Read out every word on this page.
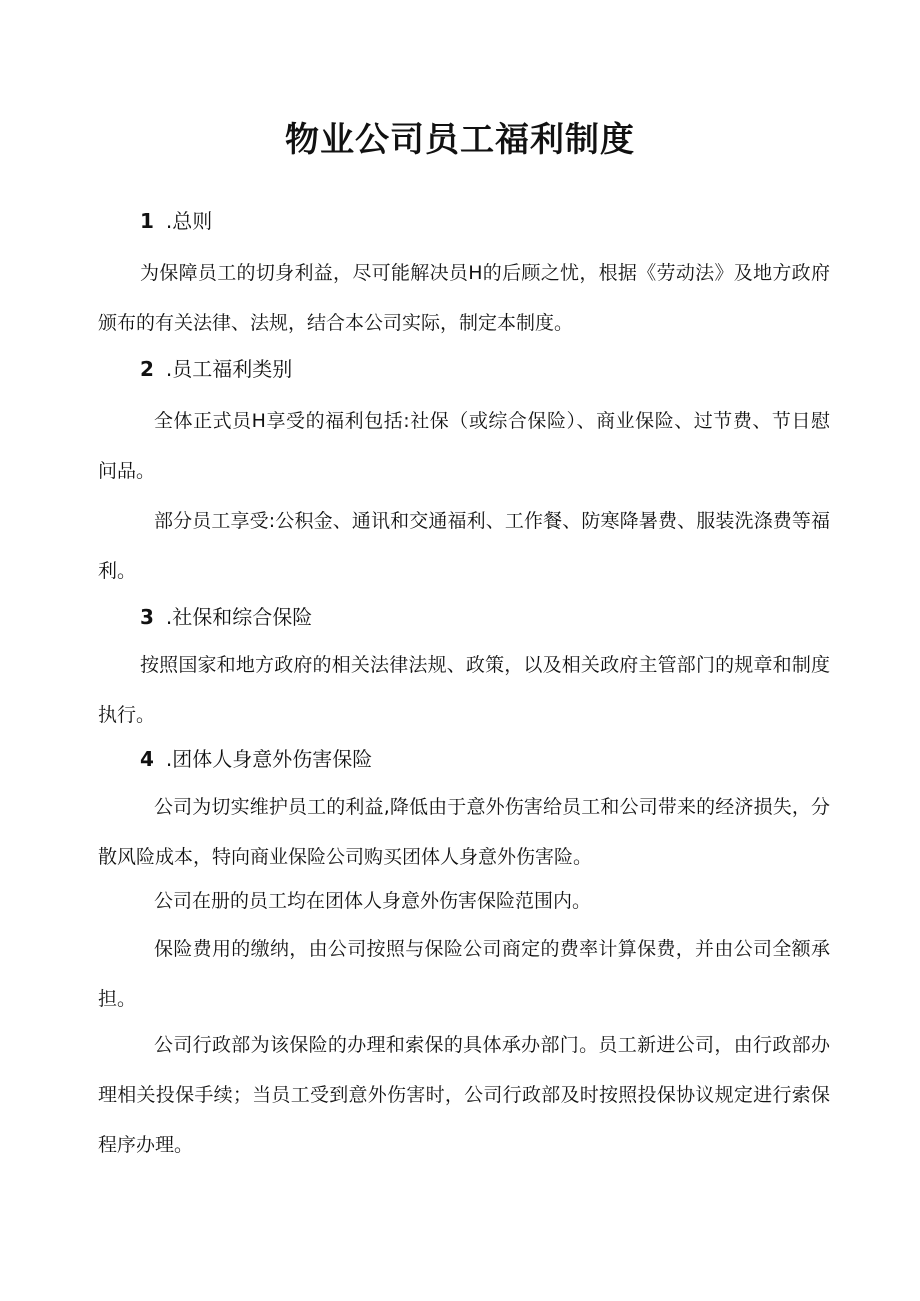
物业公司员工福利制度
1 .总则

为保障员工的切身利益，尽可能解决员H的后顾之忧，根据《劳动法》及地方政府颁布的有关法律、法规，结合本公司实际，制定本制度。

2 .员工福利类别

全体正式员H享受的福利包括:社保（或综合保险）、商业保险、过节费、节日慰问品。

部分员工享受:公积金、通讯和交通福利、工作餐、防寒降暑费、服装洗涤费等福利。

3 .社保和综合保险

按照国家和地方政府的相关法律法规、政策，以及相关政府主管部门的规章和制度执行。

4 .团体人身意外伤害保险

公司为切实维护员工的利益,降低由于意外伤害给员工和公司带来的经济损失，分散风险成本，特向商业保险公司购买团体人身意外伤害险。

公司在册的员工均在团体人身意外伤害保险范围内。

保险费用的缴纳，由公司按照与保险公司商定的费率计算保费，并由公司全额承担。

公司行政部为该保险的办理和索保的具体承办部门。员工新进公司，由行政部办理相关投保手续；当员工受到意外伤害时，公司行政部及时按照投保协议规定进行索保程序办理。
